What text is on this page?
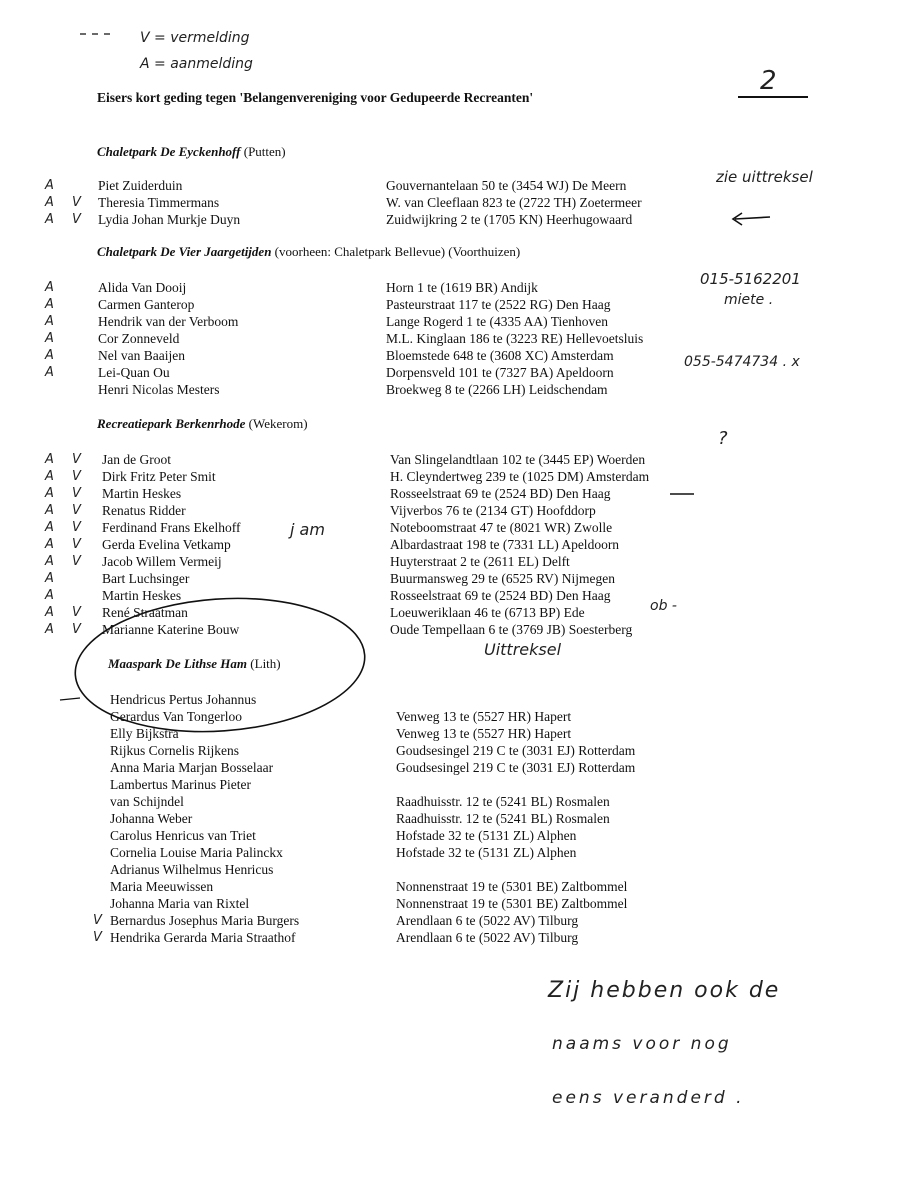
V = vermelding
A = aanmelding
2
Eisers kort geding tegen 'Belangenvereniging voor Gedupeerde Recreanten'
Chaletpark De Eyckenhoff (Putten)
A	Piet Zuiderduin	Gouvernantelaan 50 te (3454 WJ) De Meern
A V Theresia Timmermans	W. van Cleeflaan 823 te (2722 TH) Zoetermeer
A V Lydia Johan Murkje Duyn	Zuidwijkring 2 te (1705 KN) Heerhugowaard
Chaletpark De Vier Jaargetijden (voorheen: Chaletpark Bellevue) (Voorthuizen)
A	Alida Van Dooij	Horn 1 te (1619 BR) Andijk
A	Carmen Ganterop	Pasteurstraat 117 te (2522 RG) Den Haag
A	Hendrik van der Verboom	Lange Rogerd 1 te (4335 AA) Tienhoven
A	Cor Zonneveld	M.L. Kinglaan 186 te (3223 RE) Hellevoetsluis
A	Nel van Baaijen	Bloemstede 648 te (3608 XC) Amsterdam
A	Lei-Quan Ou	Dorpensveld 101 te (7327 BA) Apeldoorn
Henri Nicolas Mesters	Broekweg 8 te (2266 LH) Leidschendam
Recreatiepark Berkenrhode (Wekerom)
A V Jan de Groot	Van Slingelandtlaan 102 te (3445 EP) Woerden
A V Dirk Fritz Peter Smit	H. Cleyndertweg 239 te (1025 DM) Amsterdam
A V Martin Heskes	Rosseelstraat 69 te (2524 BD) Den Haag
A V Renatus Ridder	Vijverbos 76 te (2134 GT) Hoofddorp
A V Ferdinand Frans Ekelhoff	Noteboomstraat 47 te (8021 WR) Zwolle
A V Gerda Evelina Vetkamp	Albardastraat 198 te (7331 LL) Apeldoorn
A V Jacob Willem Vermeij	Huyterstraat 2 te (2611 EL) Delft
A	Bart Luchsinger	Buurmansweg 29 te (6525 RV) Nijmegen
A	Martin Heskes	Rosseelstraat 69 te (2524 BD) Den Haag
A V René Straatman	Loeuweriklaan 46 te (6713 BP) Ede
A V Marianne Katerine Bouw	Oude Tempellaan 6 te (3769 JB) Soesterberg
Maaspark De Lithse Ham (Lith)
Hendricus Pertus Johannus
Gerardus Van Tongerloo	Venweg 13 te (5527 HR) Hapert
Elly Bijkstra	Venweg 13 te (5527 HR) Hapert
Rijkus Cornelis Rijkens	Goudsesingel 219 C te (3031 EJ) Rotterdam
Anna Maria Marjan Bosselaar	Goudsesingel 219 C te (3031 EJ) Rotterdam
Lambertus Marinus Pieter
van Schijndel	Raadhuisstr. 12 te (5241 BL) Rosmalen
Johanna Weber	Raadhuisstr. 12 te (5241 BL) Rosmalen
Carolus Henricus van Triet	Hofstade 32 te (5131 ZL) Alphen
Cornelia Louise Maria Palinckx	Hofstade 32 te (5131 ZL) Alphen
Adrianus Wilhelmus Henricus
Maria Meeuwissen	Nonnenstraat 19 te (5301 BE) Zaltbommel
Johanna Maria van Rixtel	Nonnenstraat 19 te (5301 BE) Zaltbommel
V Bernardus Josephus Maria Burgers	Arendlaan 6 te (5022 AV) Tilburg
V Hendrika Gerarda Maria Straathof	Arendlaan 6 te (5022 AV) Tilburg
zie uittreksel
015-5162201
miete .
055-5474734 . x
?
j am
ob -
Uittreksel
Zij hebben ook de
naams voor nog
eens veranderd .
